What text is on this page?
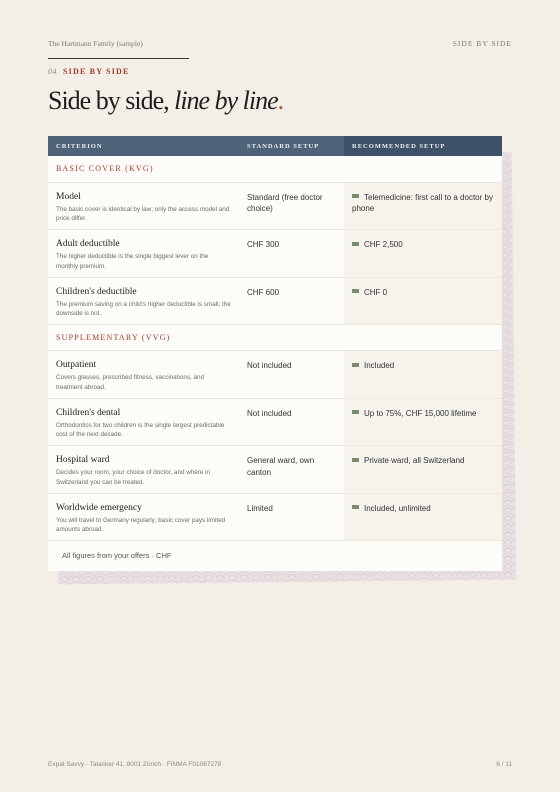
The Hartmann Family (sample)	SIDE BY SIDE
04 SIDE BY SIDE
Side by side, line by line.
CRITERION	STANDARD SETUP	RECOMMENDED SETUP
BASIC COVER (KVG)		

Model
The basic cover is identical by law; only the access model and price differ.	Standard (free doctor choice)	Telemedicine: first call to a doctor by phone

Adult deductible
The higher deductible is the single biggest lever on the monthly premium.	CHF 300	CHF 2,500

Children's deductible
The premium saving on a child's higher deductible is small; the downside is not.	CHF 600	CHF 0

SUPPLEMENTARY (VVG)		

Outpatient
Covers glasses, prescribed fitness, vaccinations, and treatment abroad.	Not included	Included

Children's dental
Orthodontics for two children is the single largest predictable cost of the next decade.	Not included	Up to 75%, CHF 15,000 lifetime

Hospital ward
Decides your room, your choice of doctor, and where in Switzerland you can be treated.	General ward, own canton	Private ward, all Switzerland

Worldwide emergency
You will travel to Germany regularly; basic cover pays limited amounts abroad.	Limited	Included, unlimited

All figures from your offers · CHF		
Expat Savvy · Talacker 41, 8001 Zürich · FINMA F01067278	6 / 11
